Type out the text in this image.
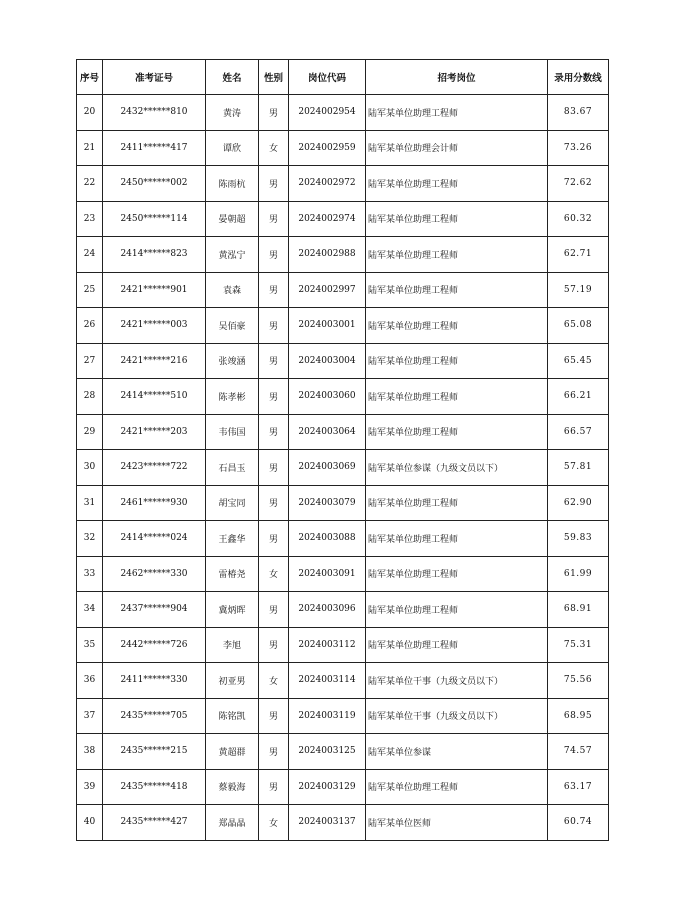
序号	准考证号	姓名	性别	岗位代码	招考岗位	录用分数线
20	2432******810	黄涛	男	2024002954	陆军某单位助理工程师	83.67
21	2411******417	谭欣	女	2024002959	陆军某单位助理会计师	73.26
22	2450******002	陈雨杭	男	2024002972	陆军某单位助理工程师	72.62
23	2450******114	晏朝超	男	2024002974	陆军某单位助理工程师	60.32
24	2414******823	黄泓宁	男	2024002988	陆军某单位助理工程师	62.71
25	2421******901	袁森	男	2024002997	陆军某单位助理工程师	57.19
26	2421******003	吴佰豪	男	2024003001	陆军某单位助理工程师	65.08
27	2421******216	张竣涵	男	2024003004	陆军某单位助理工程师	65.45
28	2414******510	陈孝彬	男	2024003060	陆军某单位助理工程师	66.21
29	2421******203	韦伟国	男	2024003064	陆军某单位助理工程师	66.57
30	2423******722	石昌玉	男	2024003069	陆军某单位参谋（九级文员以下）	57.81
31	2461******930	胡宝同	男	2024003079	陆军某单位助理工程师	62.90
32	2414******024	王鑫华	男	2024003088	陆军某单位助理工程师	59.83
33	2462******330	雷椿尧	女	2024003091	陆军某单位助理工程师	61.99
34	2437******904	冀炳晖	男	2024003096	陆军某单位助理工程师	68.91
35	2442******726	李旭	男	2024003112	陆军某单位助理工程师	75.31
36	2411******330	初亚男	女	2024003114	陆军某单位干事（九级文员以下）	75.56
37	2435******705	陈铭凯	男	2024003119	陆军某单位干事（九级文员以下）	68.95
38	2435******215	黄超群	男	2024003125	陆军某单位参谋	74.57
39	2435******418	蔡毅海	男	2024003129	陆军某单位助理工程师	63.17
40	2435******427	郑晶晶	女	2024003137	陆军某单位医师	60.74
